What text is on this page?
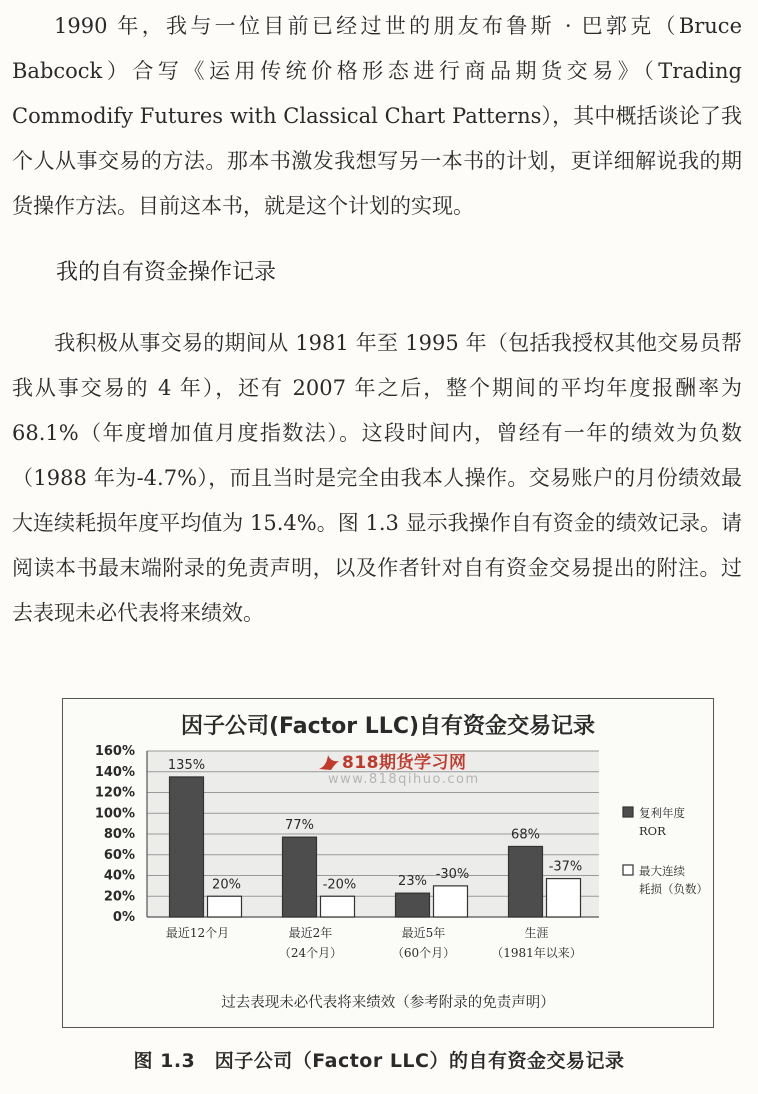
1990 年，我与一位目前已经过世的朋友布鲁斯 · 巴郭克（Bruce Babcock）合写《运用传统价格形态进行商品期货交易》（Trading Commodify Futures with Classical Chart Patterns），其中概括谈论了我个人从事交易的方法。那本书激发我想写另一本书的计划，更详细解说我的期货操作方法。目前这本书，就是这个计划的实现。

我的自有资金操作记录

我积极从事交易的期间从 1981 年至 1995 年（包括我授权其他交易员帮我从事交易的 4 年），还有 2007 年之后，整个期间的平均年度报酬率为 68.1%（年度增加值月度指数法）。这段时间内，曾经有一年的绩效为负数（1988 年为-4.7%），而且当时是完全由我本人操作。交易账户的月份绩效最大连续耗损年度平均值为 15.4%。图 1.3 显示我操作自有资金的绩效记录。请阅读本书最末端附录的免责声明，以及作者针对自有资金交易提出的附注。过去表现未必代表将来绩效。

因子公司(Factor LLC)自有资金交易记录
160%
140%
120%
100%
80%
60%
40%
20%
0%
135%
20%
最近12个月
77%
-20%
最近2年
（24个月）
23% -30%
最近5年
（60个月）
68%
-37%
生涯
（1981年以来）
复利年度
ROR
最大连续
耗损（负数）
过去表现未必代表将来绩效（参考附录的免责声明）
818期货学习网
www.818qihuo.com
图 1.3　因子公司（Factor LLC）的自有资金交易记录
